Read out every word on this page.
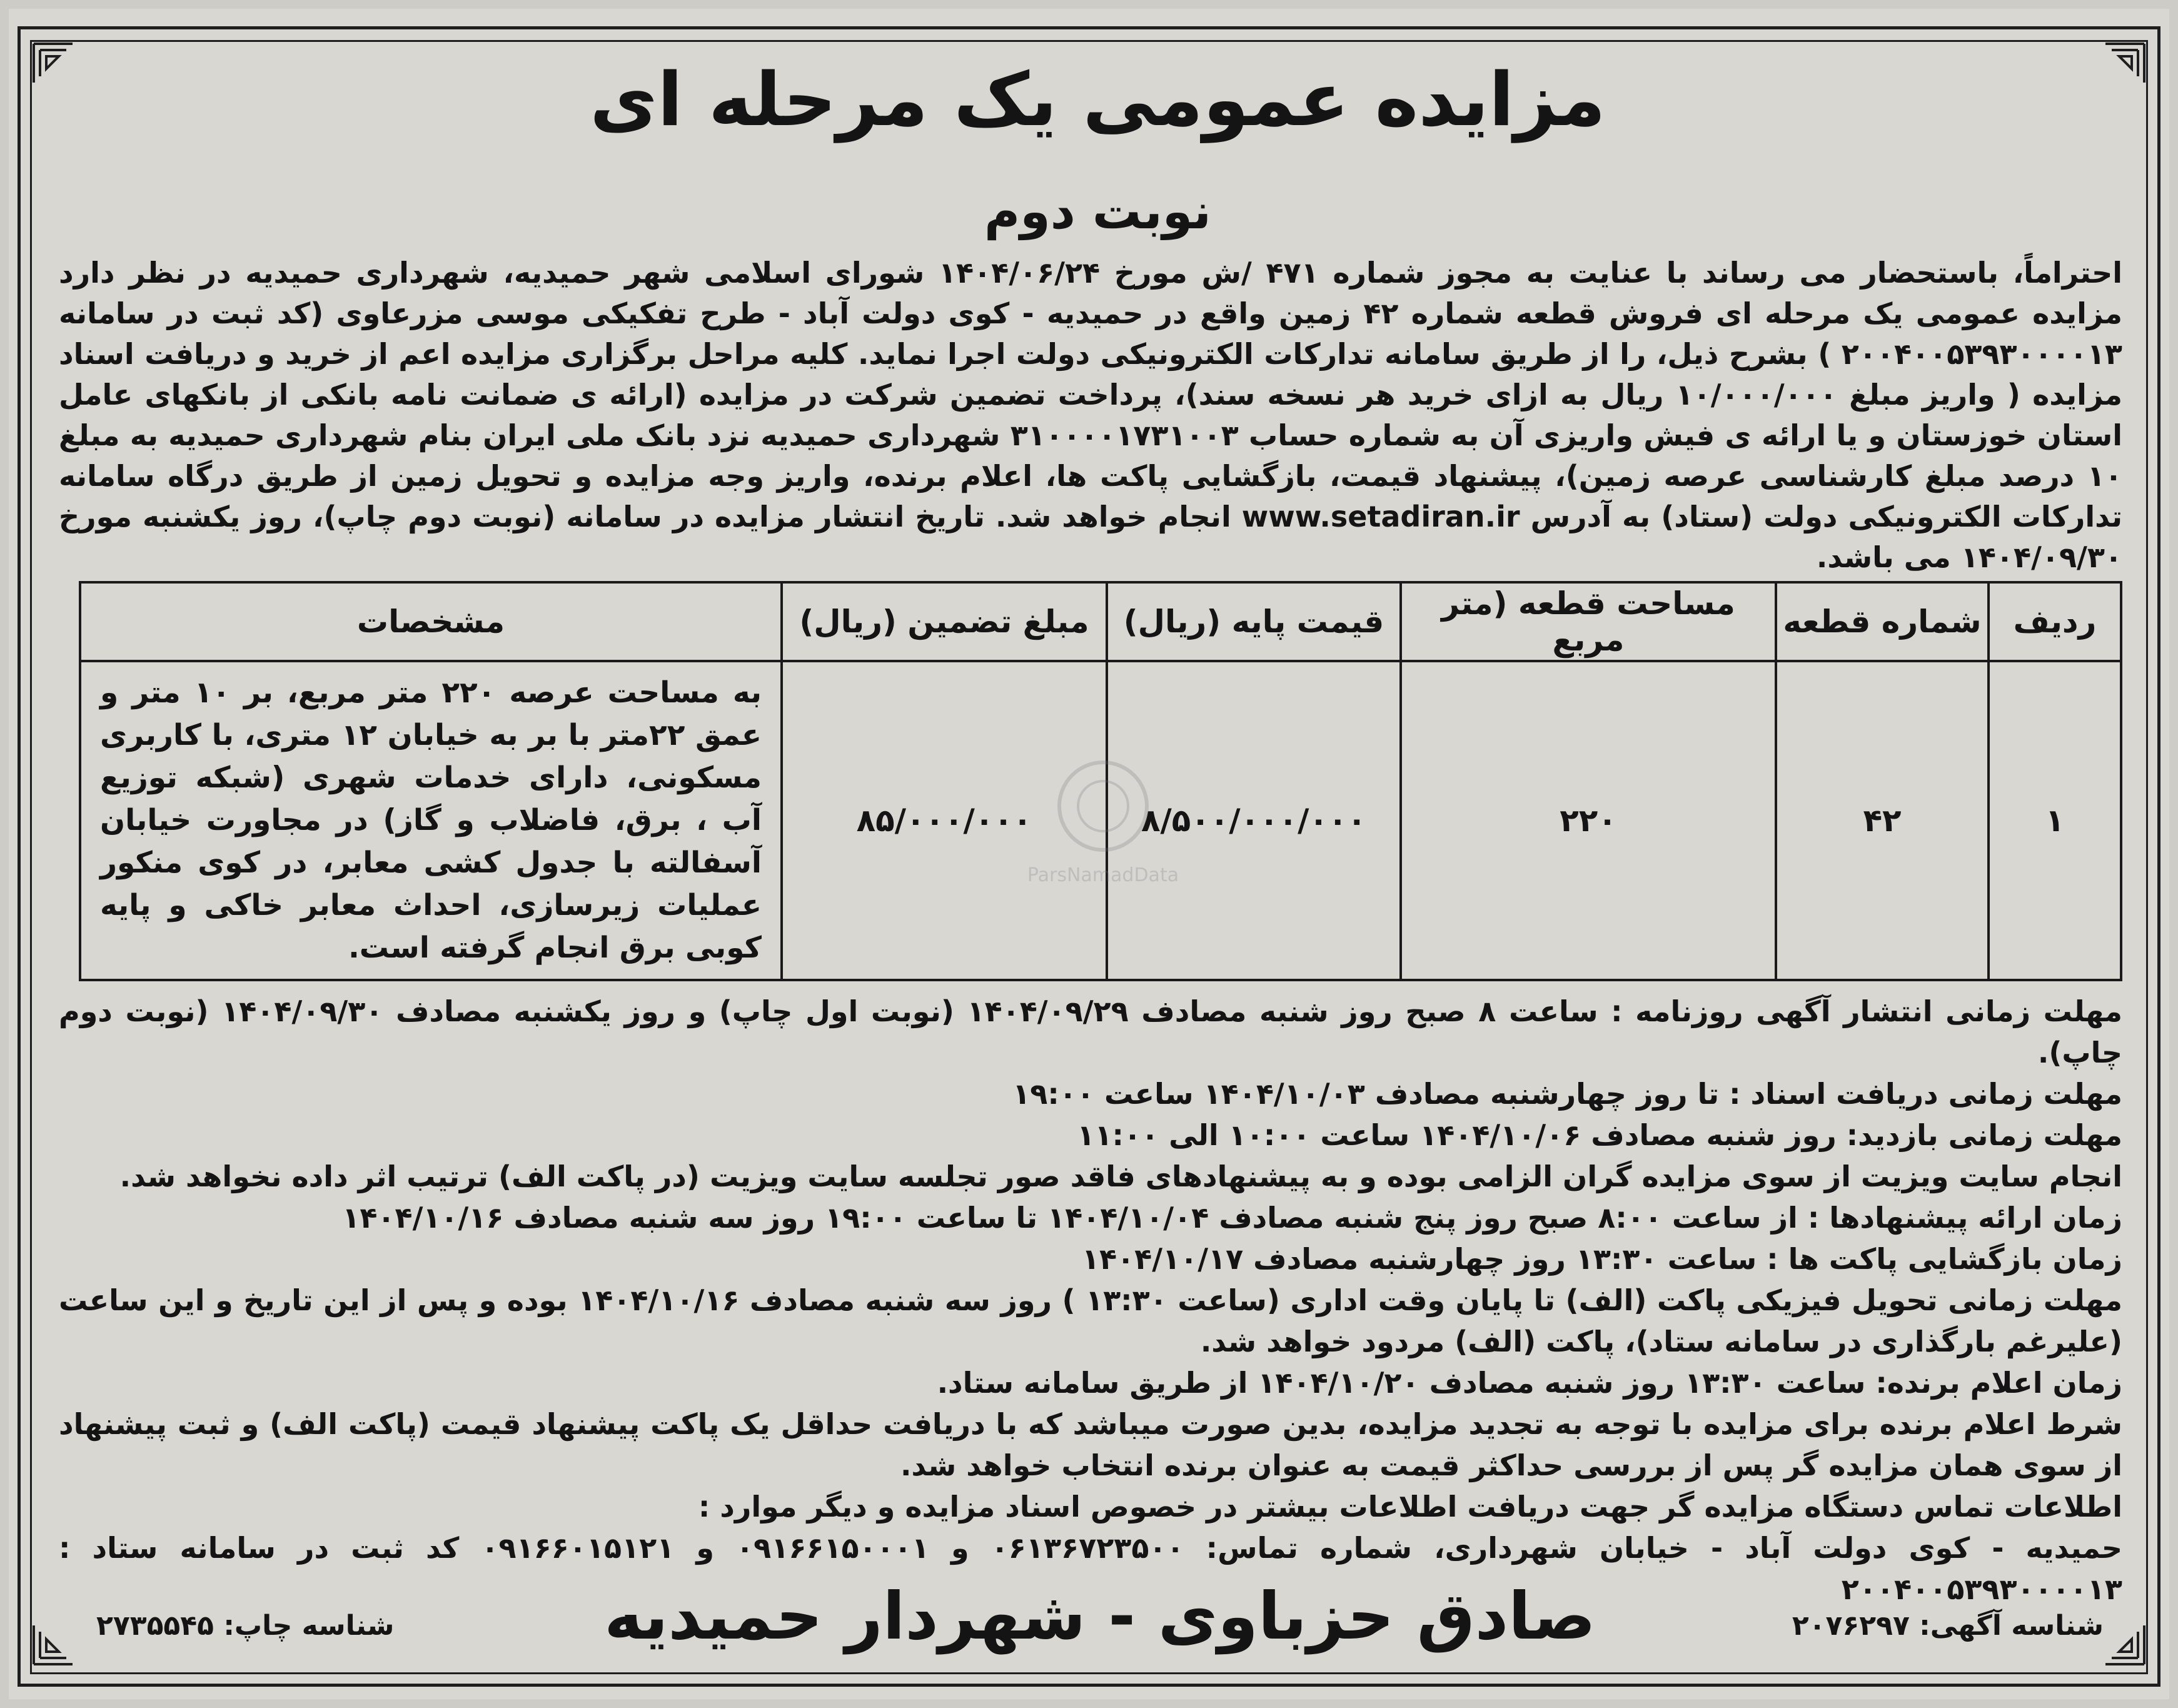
مزایده عمومی یک مرحله ای
نوبت دوم
احتراماً، باستحضار می رساند با عنایت به مجوز شماره ۴۷۱ /ش مورخ ۱۴۰۴/۰۶/۲۴ شورای اسلامی شهر حمیدیه، شهرداری حمیدیه در نظر دارد مزایده عمومی یک مرحله ای فروش قطعه شماره ۴۲ زمین واقع در حمیدیه - کوی دولت آباد - طرح تفکیکی موسی مزرعاوی (کد ثبت در سامانه ۲۰۰۴۰۰۵۳۹۳۰۰۰۰۱۳ ) بشرح ذیل، را از طریق سامانه تدارکات الکترونیکی دولت اجرا نماید. کلیه مراحل برگزاری مزایده اعم از خرید و دریافت اسناد مزایده ( واریز مبلغ ۱۰/۰۰۰/۰۰۰ ریال به ازای خرید هر نسخه سند)، پرداخت تضمین شرکت در مزایده (ارائه ی ضمانت نامه بانکی از بانکهای عامل استان خوزستان و یا ارائه ی فیش واریزی آن به شماره حساب ۳۱۰۰۰۰۱۷۳۱۰۰۳ شهرداری حمیدیه نزد بانک ملی ایران بنام شهرداری حمیدیه به مبلغ ۱۰ درصد مبلغ کارشناسی عرصه زمین)، پیشنهاد قیمت، بازگشایی پاکت ها، اعلام برنده، واریز وجه مزایده و تحویل زمین از طریق درگاه سامانه تدارکات الکترونیکی دولت (ستاد) به آدرس www.setadiran.ir انجام خواهد شد. تاریخ انتشار مزایده در سامانه (نوبت دوم چاپ)، روز یکشنبه مورخ ۱۴۰۴/۰۹/۳۰ می باشد.
ردیف	شماره قطعه	مساحت قطعه (متر مربع	قیمت پایه (ریال)	مبلغ تضمین (ریال)	مشخصات
۱	۴۲	۲۲۰	۸/۵۰۰/۰۰۰/۰۰۰	۸۵/۰۰۰/۰۰۰	به مساحت عرصه ۲۲۰ متر مربع، بر ۱۰ متر و عمق ۲۲متر با بر به خیابان ۱۲ متری، با کاربری مسکونی، دارای خدمات شهری (شبکه توزیع آب ، برق، فاضلاب و گاز) در مجاورت خیابان آسفالته با جدول کشی معابر، در کوی منکور عملیات زیرسازی، احداث معابر خاکی و پایه کوبی برق انجام گرفته است.
ParsNamadData

مهلت زمانی انتشار آگهی روزنامه : ساعت ۸ صبح روز شنبه مصادف ۱۴۰۴/۰۹/۲۹ (نوبت اول چاپ) و روز یکشنبه مصادف ۱۴۰۴/۰۹/۳۰ (نوبت دوم چاپ).

مهلت زمانی دریافت اسناد : تا روز چهارشنبه مصادف ۱۴۰۴/۱۰/۰۳ ساعت ۱۹:۰۰

مهلت زمانی بازدید: روز شنبه مصادف ۱۴۰۴/۱۰/۰۶ ساعت ۱۰:۰۰ الی ۱۱:۰۰

انجام سایت ویزیت از سوی مزایده گران الزامی بوده و به پیشنهادهای فاقد صور تجلسه سایت ویزیت (در پاکت الف) ترتیب اثر داده نخواهد شد.

زمان ارائه پیشنهادها : از ساعت ۸:۰۰ صبح روز پنج شنبه مصادف ۱۴۰۴/۱۰/۰۴ تا ساعت ۱۹:۰۰ روز سه شنبه مصادف ۱۴۰۴/۱۰/۱۶

زمان بازگشایی پاکت ها : ساعت ۱۳:۳۰ روز چهارشنبه مصادف ۱۴۰۴/۱۰/۱۷

مهلت زمانی تحویل فیزیکی پاکت (الف) تا پایان وقت اداری (ساعت ۱۳:۳۰ ) روز سه شنبه مصادف ۱۴۰۴/۱۰/۱۶ بوده و پس از این تاریخ و این ساعت (علیرغم بارگذاری در سامانه ستاد)، پاکت (الف) مردود خواهد شد.

زمان اعلام برنده: ساعت ۱۳:۳۰ روز شنبه مصادف ۱۴۰۴/۱۰/۲۰ از طریق سامانه ستاد.

شرط اعلام برنده برای مزایده با توجه به تجدید مزایده، بدین صورت میباشد که با دریافت حداقل یک پاکت پیشنهاد قیمت (پاکت الف) و ثبت پیشنهاد از سوی همان مزایده گر پس از بررسی حداکثر قیمت به عنوان برنده انتخاب خواهد شد.

اطلاعات تماس دستگاه مزایده گر جهت دریافت اطلاعات بیشتر در خصوص اسناد مزایده و دیگر موارد :

حمیدیه - کوی دولت آباد - خیابان شهرداری، شماره تماس: ۰۶۱۳۶۷۲۳۵۰۰ و ۰۹۱۶۶۱۵۰۰۰۱ و ۰۹۱۶۶۰۱۵۱۲۱ کد ثبت در سامانه ستاد : ۲۰۰۴۰۰۵۳۹۳۰۰۰۰۱۳

شناسه آگهی: ۲۰۷۶۲۹۷
صادق حزباوی - شهردار حمیدیه
شناسه چاپ: ۲۷۳۵۵۴۵
